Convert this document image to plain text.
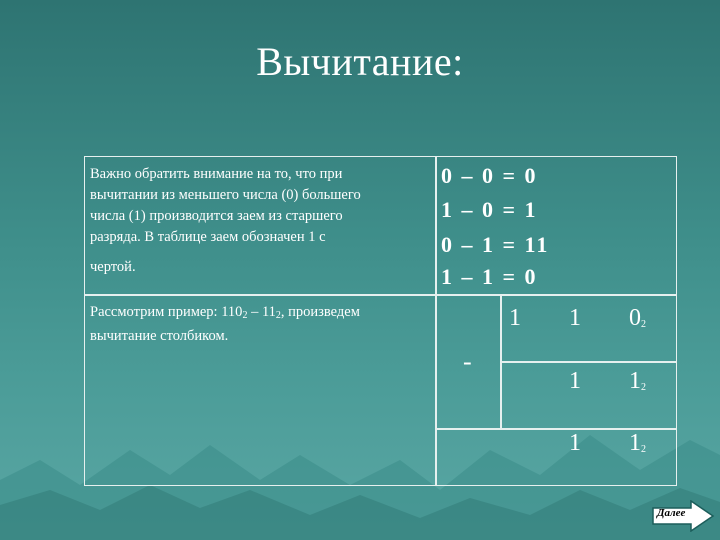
Вычитание:
Важно обратить внимание на то, что при
вычитании из меньшего числа (0) большего
числа (1) производится заем из старшего
разряда. В таблице заем обозначен 1 с
чертой.
0 – 0 = 0
1 – 0 = 1
0 – 1 = 11
1 – 1 = 0
Рассмотрим пример: $110_2 - 11_2$, произведем
вычитание столбиком.
1 1 $0_2$
-
1 $1_2$
1 $1_2$
Далее
